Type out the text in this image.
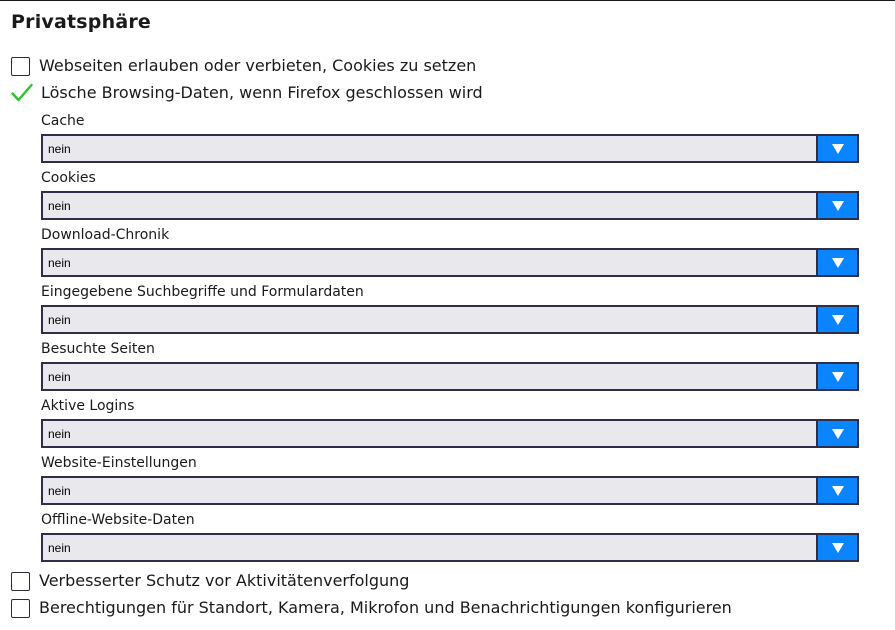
Privatsphäre
Webseiten erlauben oder verbieten, Cookies zu setzen
Lösche Browsing-Daten, wenn Firefox geschlossen wird
Cache
nein
Cookies
nein
Download-Chronik
nein
Eingegebene Suchbegriffe und Formulardaten
nein
Besuchte Seiten
nein
Aktive Logins
nein
Website-Einstellungen
nein
Offline-Website-Daten
nein
Verbesserter Schutz vor Aktivitätenverfolgung
Berechtigungen für Standort, Kamera, Mikrofon und Benachrichtigungen konfigurieren
